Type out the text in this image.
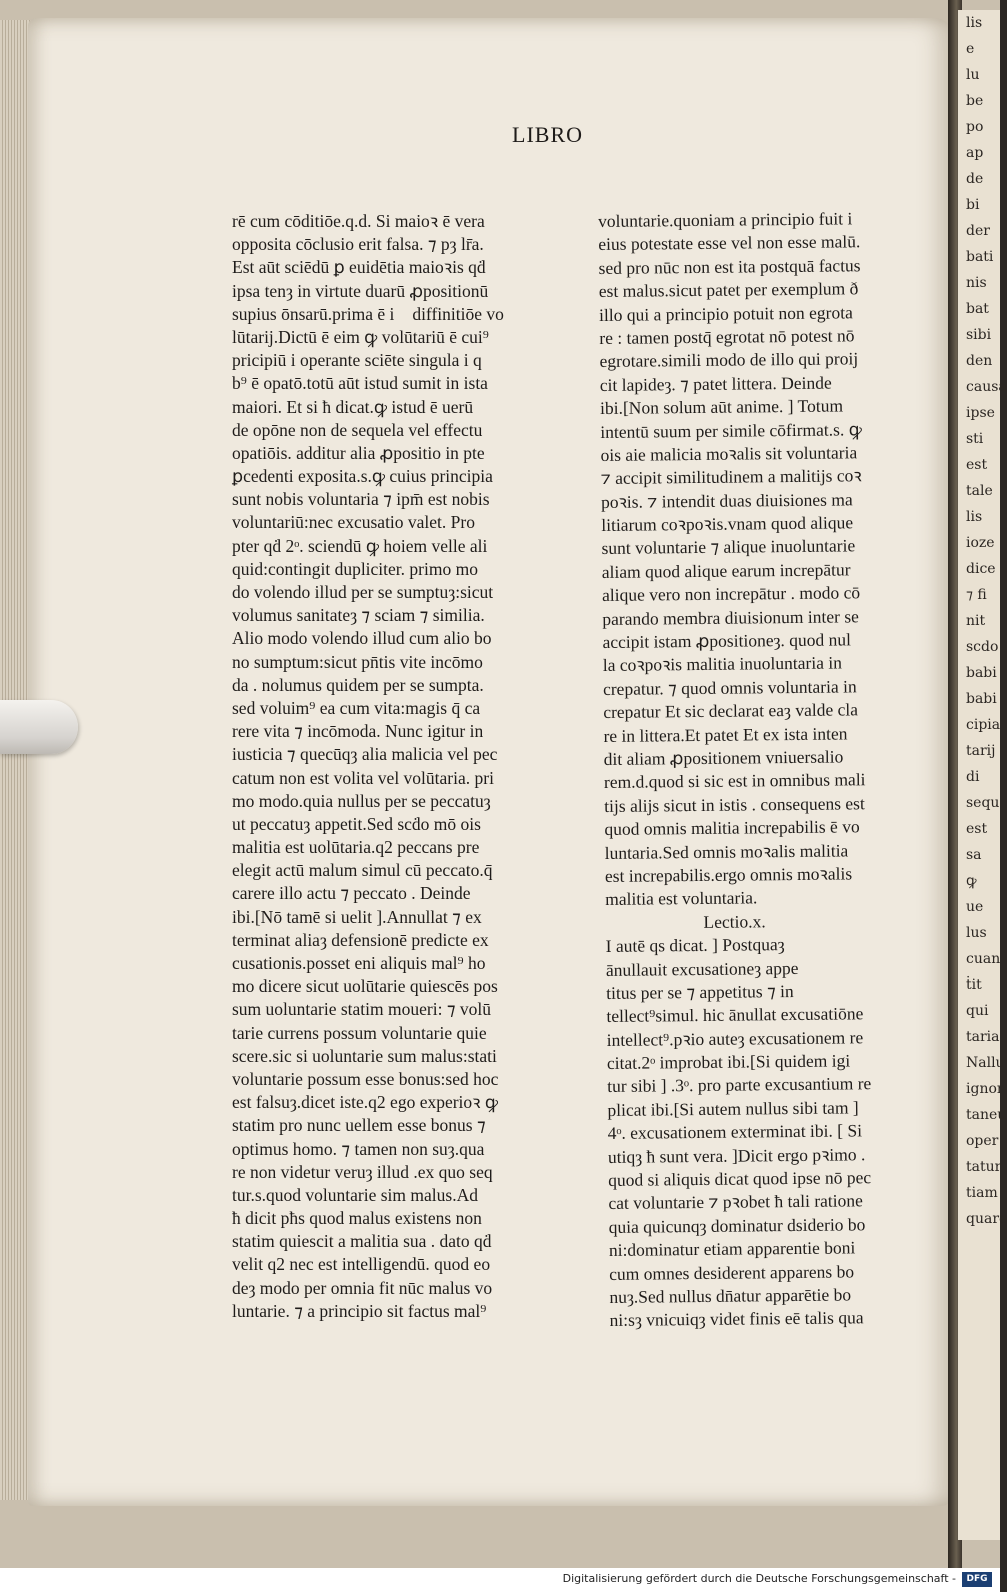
lis
e
lu
be
po
ap
de
bi
der
bati
nis
bat
sibi
den
causa
ipse
sti
est
tale
lis
ioze
dice
⁊ fi
nit
scdo
babi
babi
cipia
tarij
di
sequ
est
sa
ꝙ
ue
lus
cuan
ṫit
qui
taria
Nallu
ignor
taneu
oper
tatur
tiam
quare
LIBRO
rē cum cōditiōe.q.d. Si maioꝛ ē vera
opposita cōclusio erit falsa. ⁊ pȝ lr̄a.
Est aūt sciēdū ꝑ euidētia maioꝛis qḋ
ipsa tenȝ in virtute duarū ꝓpositionū
supius ōnsarū.prima ē i᷑ diffinitiōe vo
lūtarij.Dictū ē eim ꝙ volūtariū ē cui⁹
pricipiū i operante sciēte singula i q
b⁹ ē opatō.totū aūt istud sumit in ista
maiori. Et si ħ dicat.ꝙ istud ē uerū
de opōne non de sequela vel effectu
opatiōis. additur alia ꝓpositio in pte
ꝑcedenti exposita.s.ꝙ cuius principia
sunt nobis voluntaria ⁊ ipm̄ est nobis
voluntariū:nec excusatio valet. Pro
pter qḋ 2ᵒ. sciendū ꝙ hoiem velle ali
quid:contingit dupliciter. primo mo
do volendo illud per se sumptuȝ:sicut
volumus sanitateȝ ⁊ sciam ⁊ similia.
Alio modo volendo illud cum alio bo
no sumptum:sicut pn̄tis vite incōmo
da . nolumus quidem per se sumpta.
sed voluim⁹ ea cum vita:magis q̄ ca
rere vita ⁊ incōmoda. Nunc igitur in
iusticia ⁊ quecūqȝ alia malicia vel pec
catum non est volita vel volūtaria. pri
mo modo.quia nullus per se peccatuȝ
ut peccatuȝ appetit.Sed scḋo mō ois
malitia est uolūtaria.q2 peccans pre
elegit actū malum simul cū peccato.q̄
carere illo actu ⁊ peccato . Deinde
ibi.[Nō tamē si uelit ].Annullat ⁊ ex
terminat aliaȝ defensionē predicte ex
cusationis.posset eni aliquis mal⁹ ho
mo dicere sicut uolūtarie quiescēs pos
sum uoluntarie statim moueri: ⁊ volū
tarie currens possum voluntarie quie
scere.sic si uoluntarie sum malus:stati
voluntarie possum esse bonus:sed hoc
est falsuȝ.dicet iste.q2 ego experioꝛ ꝙ
statim pro nunc uellem esse bonus ⁊
optimus homo. ⁊ tamen non suȝ.qua
re non videtur veruȝ illud .ex quo seq
tur.s.quod voluntarie sim malus.Ad
ħ dicit pħs quod malus existens non
statim quiescit a malitia sua . dato qḋ
velit q2 nec est intelligendū. quod eo
deȝ modo per omnia fit nūc malus vo
luntarie. ⁊ a principio sit factus mal⁹
voluntarie.quoniam a principio fuit i
eius potestate esse vel non esse malū.
sed pro nūc non est ita postquā factus
est malus.sicut patet per exemplum ð
illo qui a principio potuit non egrota
re : tamen postq̄ egrotat nō potest nō
egrotare.simili modo de illo qui proij
cit lapideȝ. ⁊ patet littera. Deinde
ibi.[Non solum aūt anime. ] Totum
intentū suum per simile cōfirmat.s. ꝙ
ois aie malicia moꝛalis sit voluntaria
⁊ accipit similitudinem a malitijs coꝛ
poꝛis. ⁊ intendit duas diuisiones ma
litiarum coꝛpoꝛis.vnam quod alique
sunt voluntarie ⁊ alique inuoluntarie
aliam quod alique earum increpātur
alique vero non increpātur . modo cō
parando membra diuisionum inter se
accipit istam ꝓpositioneȝ. quod nul
la coꝛpoꝛis malitia inuoluntaria in
crepatur. ⁊ quod omnis voluntaria in
crepatur Et sic declarat eaȝ valde cla
re in littera.Et patet Et ex ista inten
dit aliam ꝓpositionem vniuersalio
rem.d.quod si sic est in omnibus mali
tijs alijs sicut in istis . consequens est
quod omnis malitia increpabilis ē vo
luntaria.Sed omnis moꝛalis malitia
est increpabilis.ergo omnis moꝛalis
malitia est voluntaria.
Lectio.x.
I autē qs dicat. ] Postquaȝ
ānullauit excusationeȝ appe
titus per se ⁊ appetitus ⁊ in
tellect⁹simul. hic ānullat excusatiōne
intellect⁹.pꝛio auteȝ excusationem re
citat.2ᵒ improbat ibi.[Si quidem igi
tur sibi ] .3ᵒ. pro parte excusantium re
plicat ibi.[Si autem nullus sibi tam ]
4ᵒ. excusationem exterminat ibi. [ Si
utiqȝ ħ sunt vera. ]Dicit ergo pꝛimo .
quod si aliquis dicat quod ipse nō pec
cat voluntarie ⁊ pꝛobet ħ tali ratione
quia quicunqȝ dominatur dsiderio bo
ni:dominatur etiam apparentie boni
cum omnes desiderent apparens bo
nuȝ.Sed nullus dn̄atur apparētie bo
ni:sȝ vnicuiqȝ videt finis eē talis qua
Digitalisierung gefördert durch die Deutsche Forschungsgemeinschaft -	DFG
